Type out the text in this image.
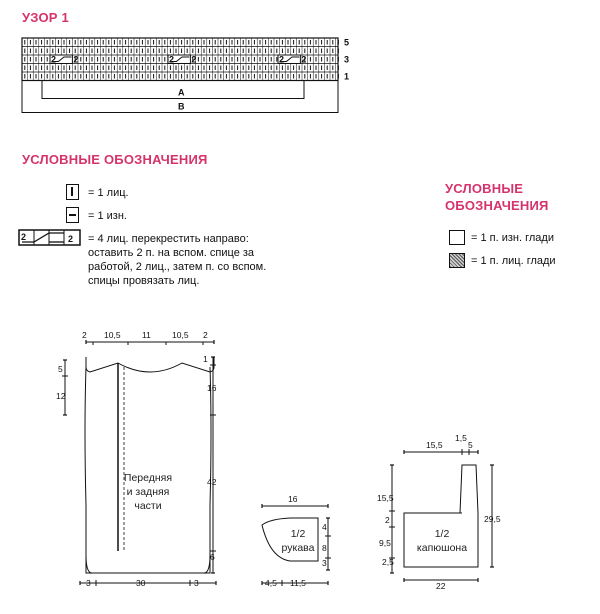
УЗОР 1
2 2	2 2	2 2
5
3
1
A
B
УСЛОВНЫЕ ОБОЗНАЧЕНИЯ
= 1 лиц.
= 1 изн.
2	2 = 4 лиц. перекрестить направо:
оставить 2 п. на вспом. спице за
работой, 2 лиц., затем п. со вспом.
спицы провязать лиц.
УСЛОВНЫЕ
ОБОЗНАЧЕНИЯ
= 1 п. изн. глади
= 1 п. лиц. глади
2 10,5	11 10,5 2
5
12
1
16
42
6
3	30	3
Передняя
и задняя
части
16
4
8
3
4,5 11,5
1/2
рукава
15,5
1,5
5
15,5
2
9,5
2,5
29,5
22
1/2
капюшона
